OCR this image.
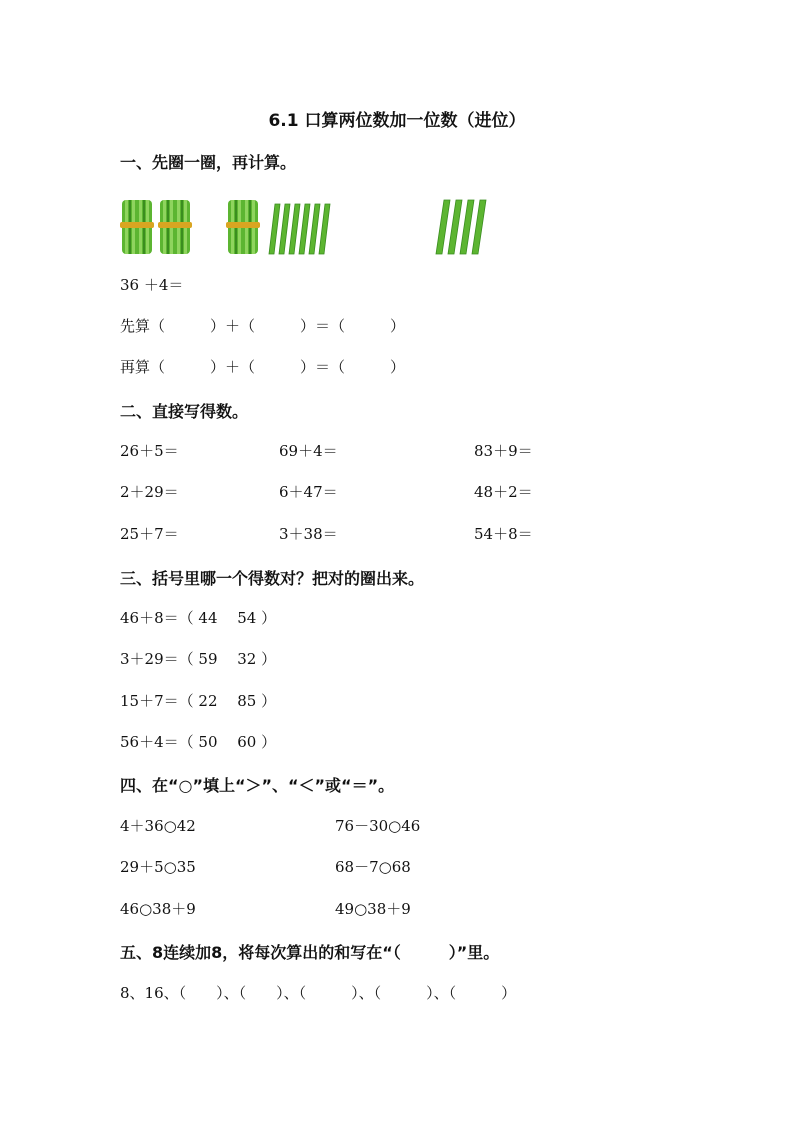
6.1 口算两位数加一位数（进位）
一、先圈一圈，再计算。
36 ＋4＝
先算（　　　）＋（　　　）＝（　　　）
再算（　　　）＋（　　　）＝（　　　）
二、直接写得数。
26＋5＝	69＋4＝	83＋9＝
2＋29＝	6＋47＝	48＋2＝
25＋7＝	3＋38＝	54＋8＝
三、括号里哪一个得数对？把对的圈出来。
46＋8＝（ 44　 54 ）
3＋29＝（ 59　 32 ）
15＋7＝（ 22　 85 ）
56＋4＝（ 50　 60 ）
四、在“○”填上“＞”、“＜”或“＝”。
4＋36○42	76－30○46
29＋5○35	68－7○68
46○38＋9	49○38＋9
五、8连续加8，将每次算出的和写在“（　　　）”里。
8、16、（　　）、（　　）、（　　　）、（　　　）、（　　　）
